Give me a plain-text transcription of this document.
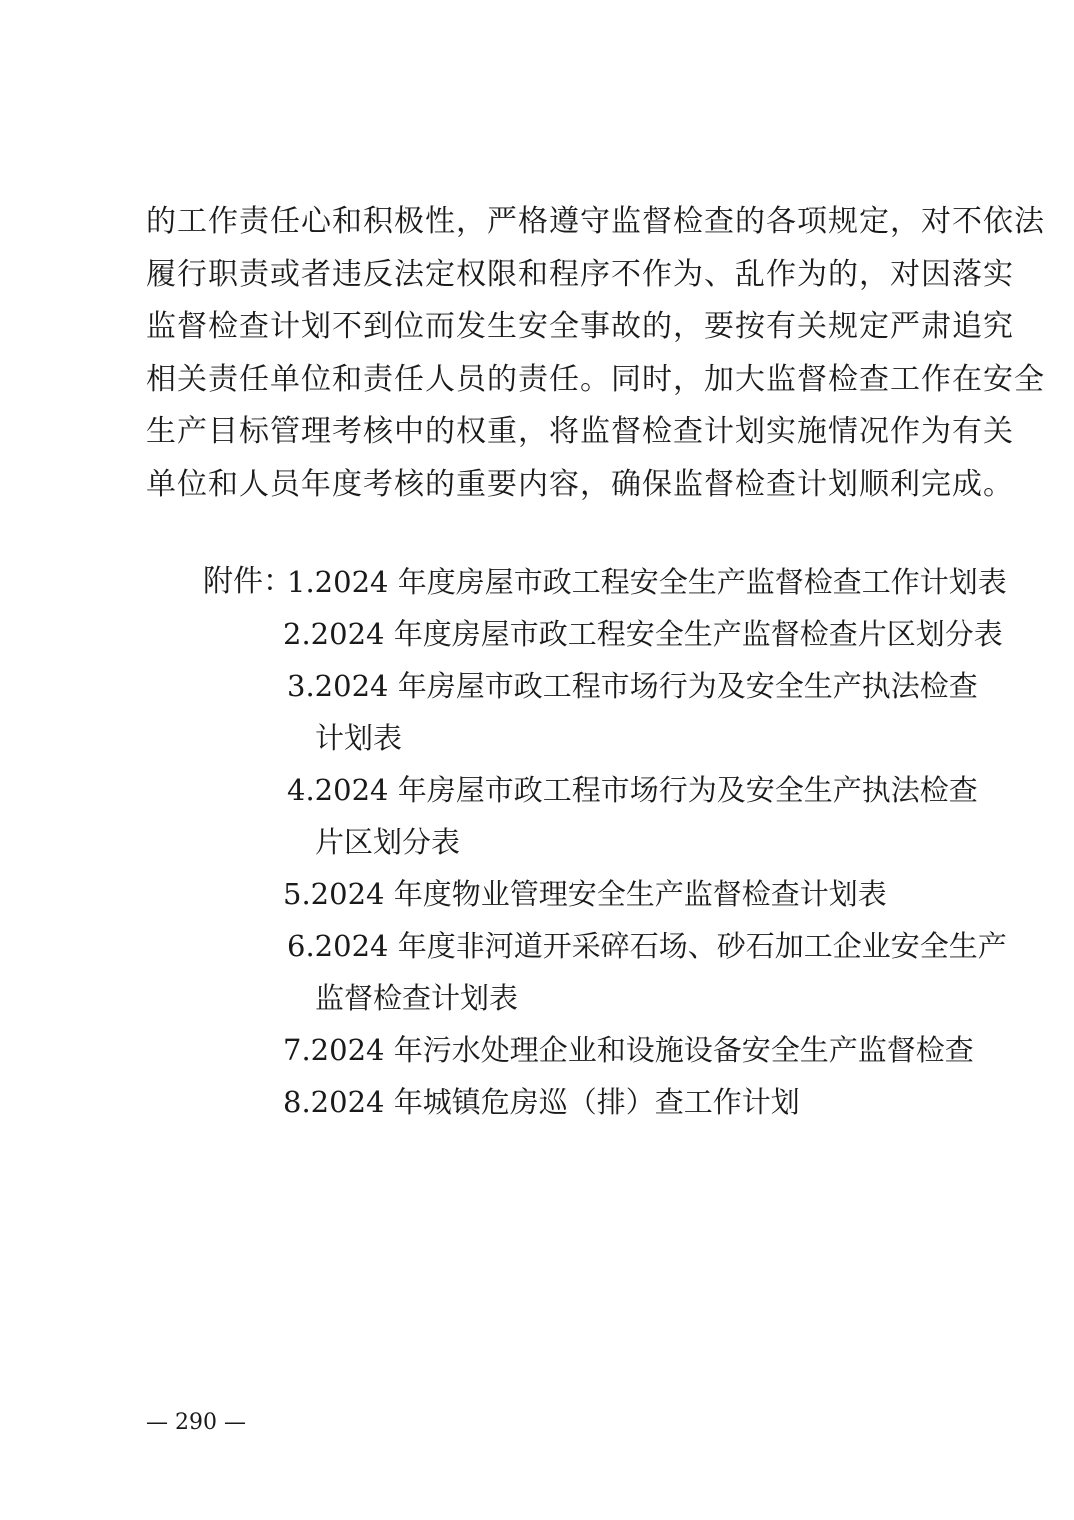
的工作责任心和积极性，严格遵守监督检查的各项规定，对不依法
履行职责或者违反法定权限和程序不作为、乱作为的，对因落实
监督检查计划不到位而发生安全事故的，要按有关规定严肃追究
相关责任单位和责任人员的责任。同时，加大监督检查工作在安全
生产目标管理考核中的权重，将监督检查计划实施情况作为有关
单位和人员年度考核的重要内容，确保监督检查计划顺利完成。
附件：
1.2024 年度房屋市政工程安全生产监督检查工作计划表
2.2024 年度房屋市政工程安全生产监督检查片区划分表
3.2024 年房屋市政工程市场行为及安全生产执法检查
计划表
4.2024 年房屋市政工程市场行为及安全生产执法检查
片区划分表
5.2024 年度物业管理安全生产监督检查计划表
6.2024 年度非河道开采碎石场、砂石加工企业安全生产
监督检查计划表
7.2024 年污水处理企业和设施设备安全生产监督检查
8.2024 年城镇危房巡（排）查工作计划
— 290 —
